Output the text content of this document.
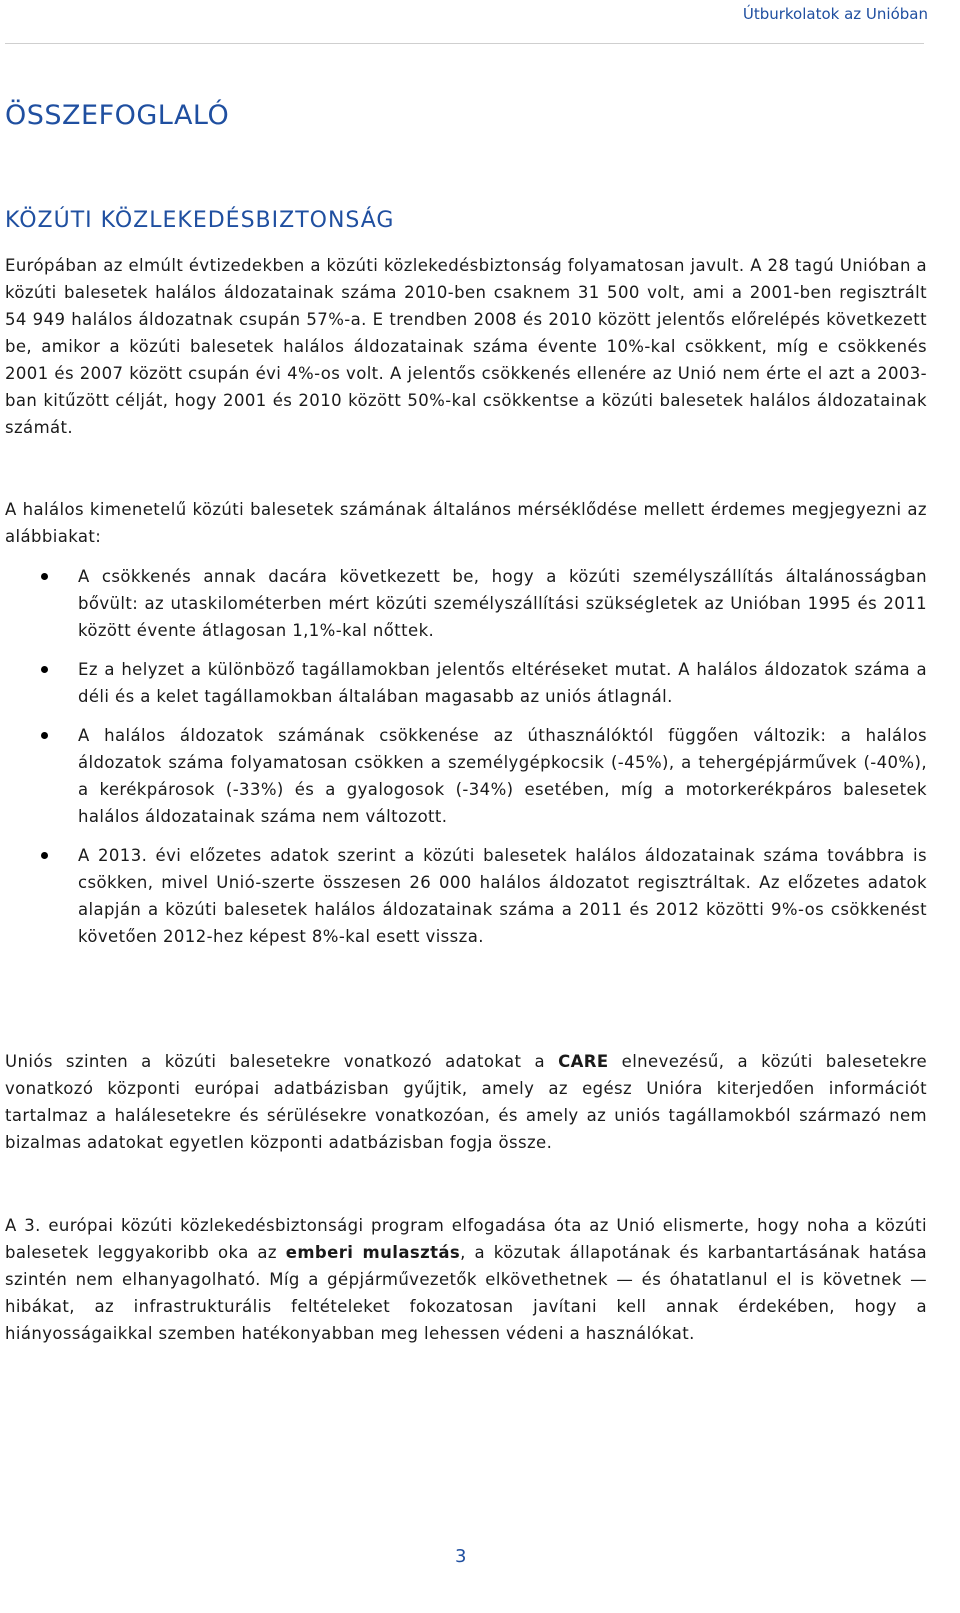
Útburkolatok az Unióban
ÖSSZEFOGLALÓ
KÖZÚTI KÖZLEKEDÉSBIZTONSÁG
Európában az elmúlt évtizedekben a közúti közlekedésbiztonság folyamatosan javult. A 28 tagú Unióban a közúti balesetek halálos áldozatainak száma 2010-ben csaknem 31 500 volt, ami a 2001-ben regisztrált 54 949 halálos áldozatnak csupán 57%-a. E trendben 2008 és 2010 között jelentős előrelépés következett be, amikor a közúti balesetek halálos áldozatainak száma évente 10%-kal csökkent, míg e csökkenés 2001 és 2007 között csupán évi 4%-os volt. A jelentős csökkenés ellenére az Unió nem érte el azt a 2003-ban kitűzött célját, hogy 2001 és 2010 között 50%-kal csökkentse a közúti balesetek halálos áldozatainak számát.
A halálos kimenetelű közúti balesetek számának általános mérséklődése mellett érdemes megjegyezni az alábbiakat:
A csökkenés annak dacára következett be, hogy a közúti személyszállítás általánosságban bővült: az utaskilométerben mért közúti személyszállítási szükségletek az Unióban 1995 és 2011 között évente átlagosan 1,1%-kal nőttek.
Ez a helyzet a különböző tagállamokban jelentős eltéréseket mutat. A halálos áldozatok száma a déli és a kelet tagállamokban általában magasabb az uniós átlagnál.
A halálos áldozatok számának csökkenése az úthasználóktól függően változik: a halálos áldozatok száma folyamatosan csökken a személygépkocsik (-45%), a tehergépjárművek (-40%), a kerékpárosok (-33%) és a gyalogosok (-34%) esetében, míg a motorkerékpáros balesetek halálos áldozatainak száma nem változott.
A 2013. évi előzetes adatok szerint a közúti balesetek halálos áldozatainak száma továbbra is csökken, mivel Unió-szerte összesen 26 000 halálos áldozatot regisztráltak. Az előzetes adatok alapján a közúti balesetek halálos áldozatainak száma a 2011 és 2012 közötti 9%-os csökkenést követően 2012-hez képest 8%-kal esett vissza.
Uniós szinten a közúti balesetekre vonatkozó adatokat a CARE elnevezésű, a közúti balesetekre vonatkozó központi európai adatbázisban gyűjtik, amely az egész Unióra kiterjedően információt tartalmaz a halálesetekre és sérülésekre vonatkozóan, és amely az uniós tagállamokból származó nem bizalmas adatokat egyetlen központi adatbázisban fogja össze.
A 3. európai közúti közlekedésbiztonsági program elfogadása óta az Unió elismerte, hogy noha a közúti balesetek leggyakoribb oka az emberi mulasztás, a közutak állapotának és karbantartásának hatása szintén nem elhanyagolható. Míg a gépjárművezetők elkövethetnek — és óhatatlanul el is követnek — hibákat, az infrastrukturális feltételeket fokozatosan javítani kell annak érdekében, hogy a hiányosságaikkal szemben hatékonyabban meg lehessen védeni a használókat.
3
